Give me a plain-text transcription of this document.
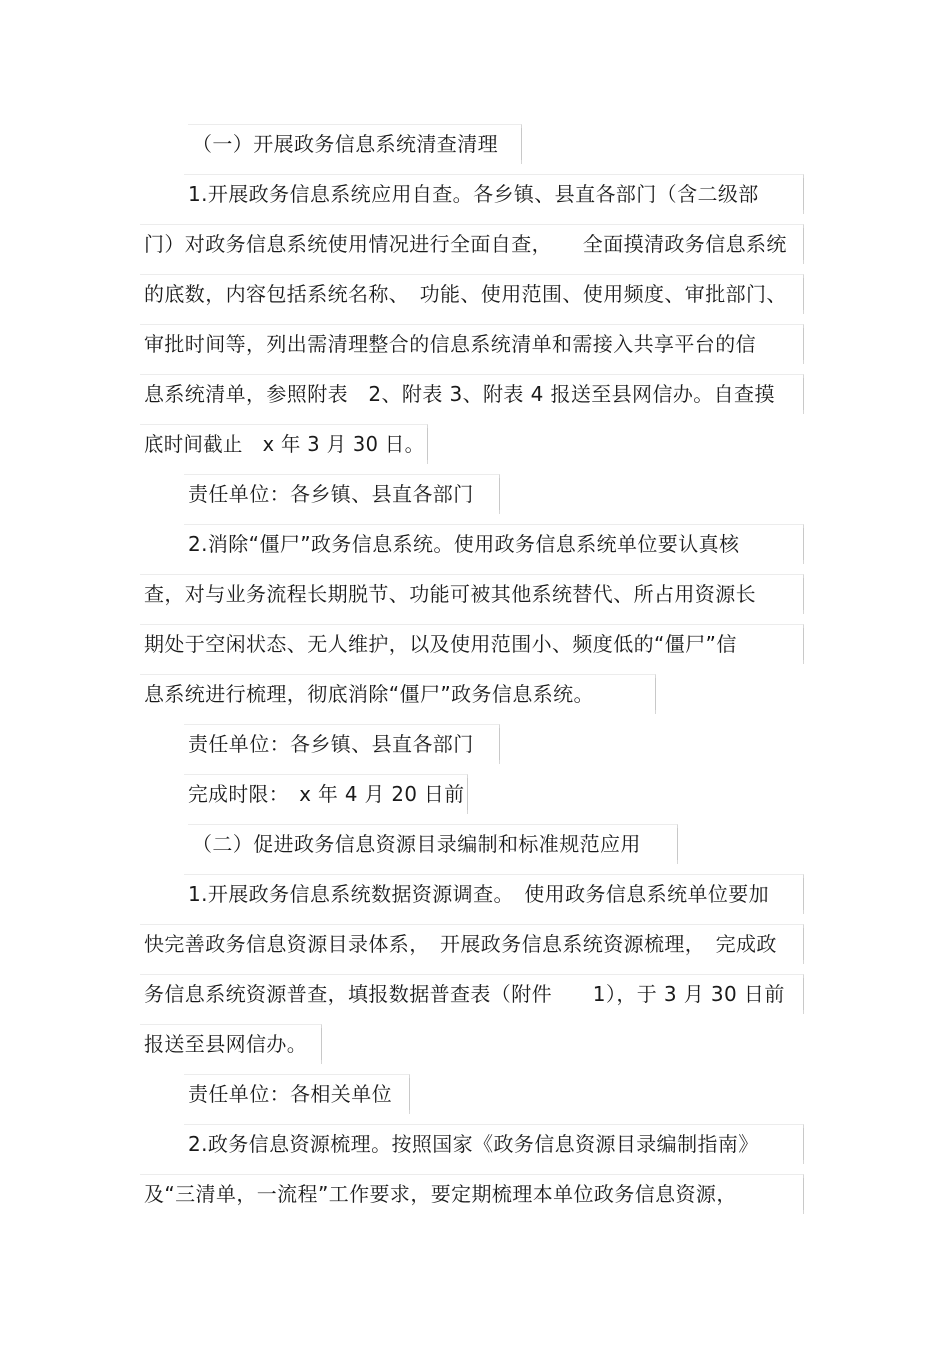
（一）开展政务信息系统清查清理
1.开展政务信息系统应用自查。各乡镇、县直各部门（含二级部
门）对政务信息系统使用情况进行全面自查，　　全面摸清政务信息系统
的底数，内容包括系统名称、　功能、使用范围、使用频度、审批部门、
审批时间等，列出需清理整合的信息系统清单和需接入共享平台的信
息系统清单，参照附表　2、附表 3、附表 4 报送至县网信办。自查摸
底时间截止　x 年 3 月 30 日。
责任单位：各乡镇、县直各部门
2.消除“僵尸”政务信息系统。使用政务信息系统单位要认真核
查，对与业务流程长期脱节、功能可被其他系统替代、所占用资源长
期处于空闲状态、无人维护，以及使用范围小、频度低的“僵尸”信
息系统进行梳理，彻底消除“僵尸”政务信息系统。
责任单位：各乡镇、县直各部门
完成时限：　x 年 4 月 20 日前
（二）促进政务信息资源目录编制和标准规范应用
1.开展政务信息系统数据资源调查。　使用政务信息系统单位要加
快完善政务信息资源目录体系，　开展政务信息系统资源梳理，　完成政
务信息系统资源普查，填报数据普查表（附件　　1），于 3 月 30 日前
报送至县网信办。
责任单位：各相关单位
2.政务信息资源梳理。按照国家《政务信息资源目录编制指南》
及“三清单，一流程”工作要求，要定期梳理本单位政务信息资源，
